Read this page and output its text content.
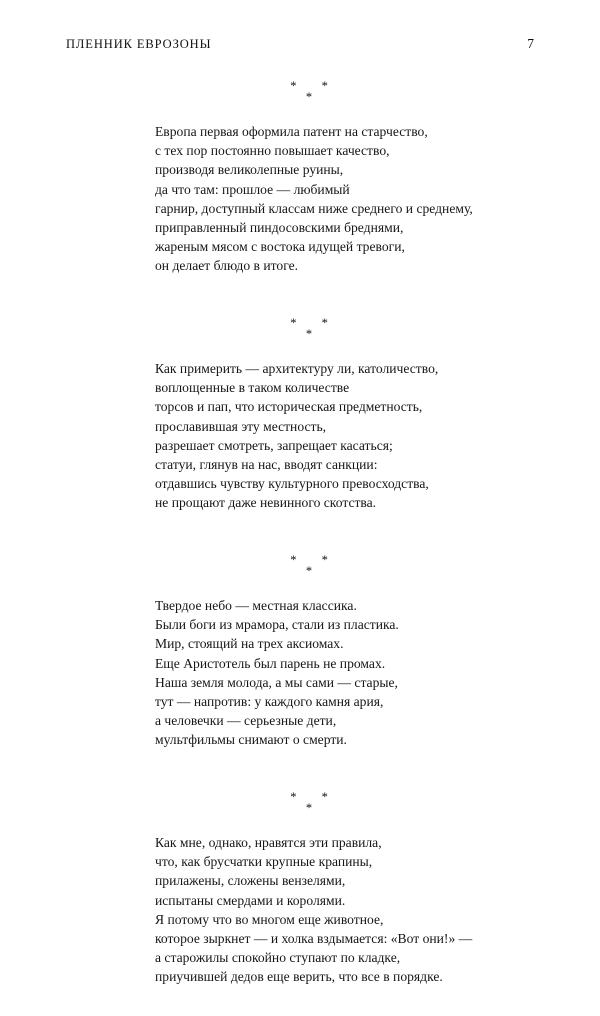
ПЛЕННИК ЕВРОЗОНЫ	7
* *
*
Европа первая оформила патент на старчество,
с тех пор постоянно повышает качество,
производя великолепные руины,
да что там: прошлое — любимый
гарнир, доступный классам ниже среднего и среднему,
приправленный пиндосовскими бреднями,
жареным мясом с востока идущей тревоги,
он делает блюдо в итоге.
* *
*
Как примерить — архитектуру ли, католичество,
воплощенные в таком количестве
торсов и пап, что историческая предметность,
прославившая эту местность,
разрешает смотреть, запрещает касаться;
статуи, глянув на нас, вводят санкции:
отдавшись чувству культурного превосходства,
не прощают даже невинного скотства.
* *
*
Твердое небо — местная классика.
Были боги из мрамора, стали из пластика.
Мир, стоящий на трех аксиомах.
Еще Аристотель был парень не промах.
Наша земля молода, а мы сами — старые,
тут — напротив: у каждого камня ария,
а человечки — серьезные дети,
мультфильмы снимают о смерти.
* *
*
Как мне, однако, нравятся эти правила,
что, как брусчатки крупные крапины,
прилажены, сложены вензелями,
испытаны смердами и королями.
Я потому что во многом еще животное,
которое зыркнет — и холка вздымается: «Вот они!» —
а старожилы спокойно ступают по кладке,
приучившей дедов еще верить, что все в порядке.
